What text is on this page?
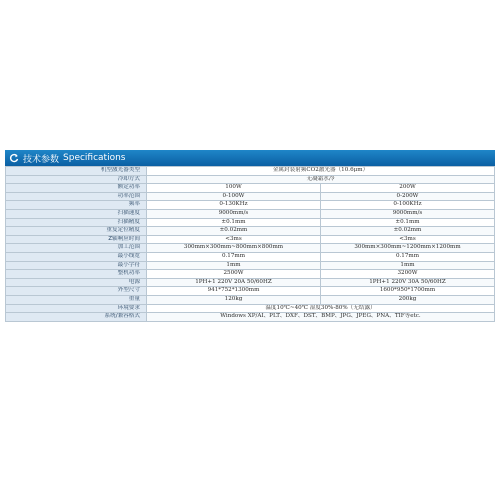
技术参数 Specifications
机型激光器类型	金属封装射频CO2激光器（10.6μm）	
冷却方式	无凝霜水冷	
额定功率	100W	200W
功率范围	0-100W	0-200W
频率	0-130KHz	0-100KHz
扫描速度	9000mm/s	9000mm/s
扫描精度	±0.1mm	±0.1mm
重复定位精度	±0.02mm	±0.02mm
Z轴响应时间	<3ms	<3ms
加工范围	300mm×300mm~800mm×800mm	300mm×300mm~1200mm×1200mm
最小线宽	0.17mm	0.17mm
最小字符	1mm	1mm
整机功率	2500W	3200W
电源	1PH+1 220V 20A 50/60HZ	1PH+1 220V 30A 50/60HZ
外型尺寸	941*752*1300mm	1600*950*1700mm
重量	120kg	200kg
环境要求	温度10℃~40℃ 湿度30%-80%（无结露）	
系统/兼容格式	Windows XP/AI、PLT、DXF、DST、BMP、JPG、JPEG、PNA、TIF等etc.	
